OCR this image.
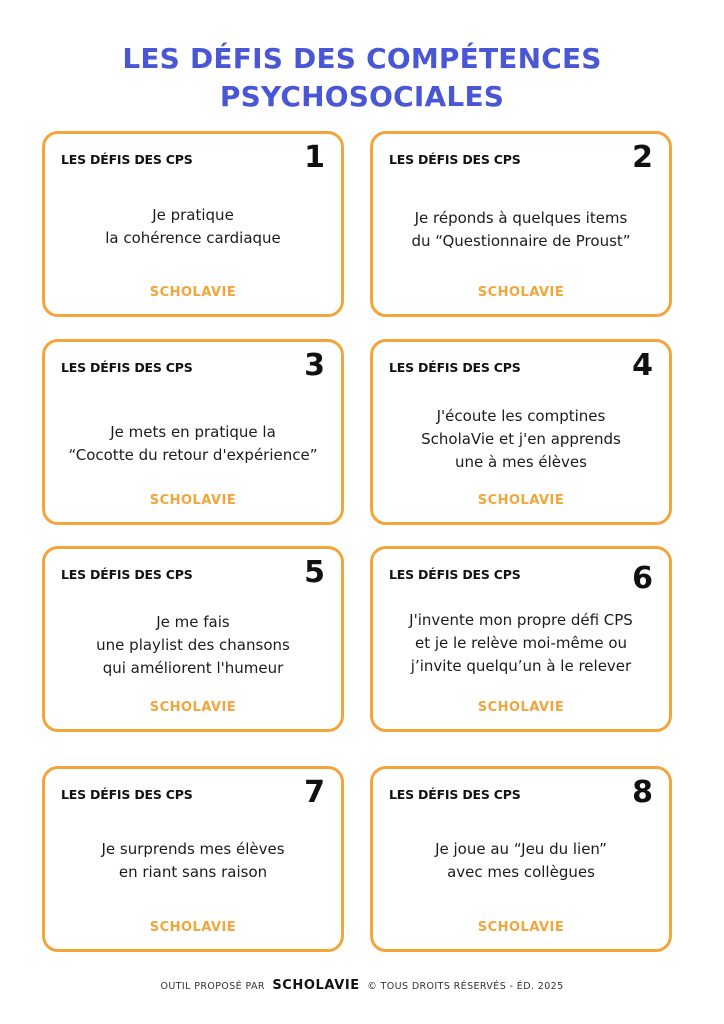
LES DÉFIS DES COMPÉTENCES
PSYCHOSOCIALES
LES DÉFIS DES CPS	1
Je pratique
la cohérence cardiaque
SCHOLAVIE
LES DÉFIS DES CPS	2
Je réponds à quelques items
du “Questionnaire de Proust”
SCHOLAVIE
LES DÉFIS DES CPS	3
Je mets en pratique la
“Cocotte du retour d'expérience”
SCHOLAVIE
LES DÉFIS DES CPS	4
J'écoute les comptines
ScholaVie et j'en apprends
une à mes élèves
SCHOLAVIE
LES DÉFIS DES CPS	5
Je me fais
une playlist des chansons
qui améliorent l'humeur
SCHOLAVIE
LES DÉFIS DES CPS	6
J'invente mon propre défi CPS
et je le relève moi-même ou
j’invite quelqu’un à le relever
SCHOLAVIE
LES DÉFIS DES CPS	7
Je surprends mes élèves
en riant sans raison
SCHOLAVIE
LES DÉFIS DES CPS	8
Je joue au “Jeu du lien”
avec mes collègues
SCHOLAVIE
OUTIL PROPOSÉ PAR SCHOLAVIE © TOUS DROITS RÉSERVÉS - ÉD. 2025
